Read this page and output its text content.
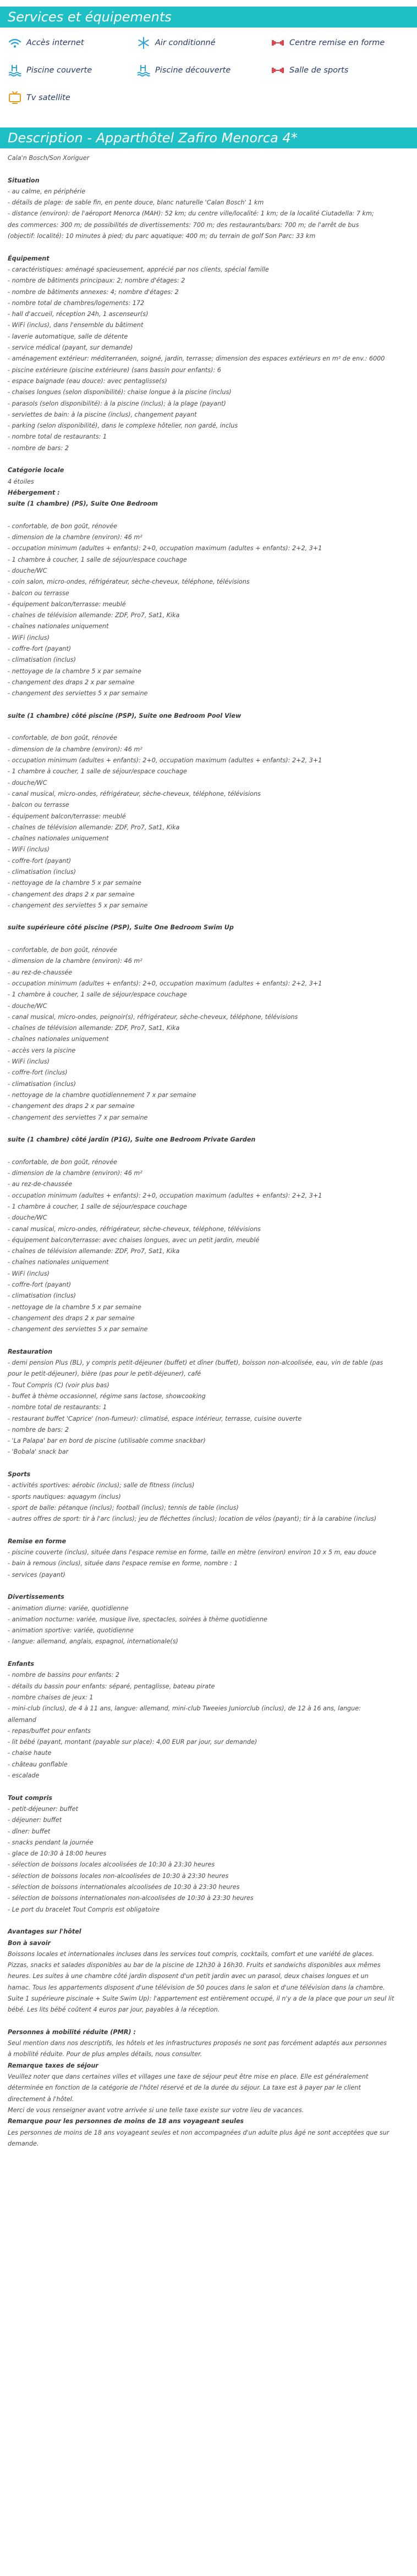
Services et équipements
Accès internet	Air conditionné	Centre remise en forme
Piscine couverte	Piscine découverte	Salle de sports
Tv satellite
Description - Apparthôtel Zafiro Menorca 4*

Cala'n Bosch/Son Xoriguer

Situation

- au calme, en périphérie

- détails de plage: de sable fin, en pente douce, blanc naturelle 'Calan Bosch' 1 km

- distance (environ): de l'aéroport Menorca (MAH): 52 km; du centre ville/localité: 1 km; de la localité Ciutadella: 7 km;

des commerces: 300 m; de possibilités de divertissements: 700 m; des restaurants/bars: 700 m; de l'arrêt de bus

(objectif: localité): 10 minutes à pied; du parc aquatique: 400 m; du terrain de golf Son Parc: 33 km

Équipement

- caractéristiques: aménagé spacieusement, apprécié par nos clients, spécial famille

- nombre de bâtiments principaux: 2; nombre d'étages: 2

- nombre de bâtiments annexes: 4; nombre d'étages: 2

- nombre total de chambres/logements: 172

- hall d'accueil, réception 24h, 1 ascenseur(s)

- WiFi (inclus), dans l'ensemble du bâtiment

- laverie automatique, salle de détente

- service médical (payant, sur demande)

- aménagement extérieur: méditerranéen, soigné, jardin, terrasse; dimension des espaces extérieurs en m² de env.: 6000

- piscine extérieure (piscine extérieure) (sans bassin pour enfants): 6

- espace baignade (eau douce): avec pentaglisse(s)

- chaises longues (selon disponibilité): chaise longue à la piscine (inclus)

- parasols (selon disponibilité): à la piscine (inclus); à la plage (payant)

- serviettes de bain: à la piscine (inclus), changement payant

- parking (selon disponibilité), dans le complexe hôtelier, non gardé, inclus

- nombre total de restaurants: 1

- nombre de bars: 2

Catégorie locale

4 étoiles

Hébergement :

suite (1 chambre) (PS), Suite One Bedroom

- confortable, de bon goût, rénovée

- dimension de la chambre (environ): 46 m²

- occupation minimum (adultes + enfants): 2+0, occupation maximum (adultes + enfants): 2+2, 3+1

- 1 chambre à coucher, 1 salle de séjour/espace couchage

- douche/WC

- coin salon, micro-ondes, réfrigérateur, sèche-cheveux, téléphone, télévisions

- balcon ou terrasse

- équipement balcon/terrasse: meublé

- chaînes de télévision allemande: ZDF, Pro7, Sat1, Kika

- chaînes nationales uniquement

- WiFi (inclus)

- coffre-fort (payant)

- climatisation (inclus)

- nettoyage de la chambre 5 x par semaine

- changement des draps 2 x par semaine

- changement des serviettes 5 x par semaine

suite (1 chambre) côté piscine (PSP), Suite one Bedroom Pool View

- confortable, de bon goût, rénovée

- dimension de la chambre (environ): 46 m²

- occupation minimum (adultes + enfants): 2+0, occupation maximum (adultes + enfants): 2+2, 3+1

- 1 chambre à coucher, 1 salle de séjour/espace couchage

- douche/WC

- canal musical, micro-ondes, réfrigérateur, sèche-cheveux, téléphone, télévisions

- balcon ou terrasse

- équipement balcon/terrasse: meublé

- chaînes de télévision allemande: ZDF, Pro7, Sat1, Kika

- chaînes nationales uniquement

- WiFi (inclus)

- coffre-fort (payant)

- climatisation (inclus)

- nettoyage de la chambre 5 x par semaine

- changement des draps 2 x par semaine

- changement des serviettes 5 x par semaine

suite supérieure côté piscine (PSP), Suite One Bedroom Swim Up

- confortable, de bon goût, rénovée

- dimension de la chambre (environ): 46 m²

- au rez-de-chaussée

- occupation minimum (adultes + enfants): 2+0, occupation maximum (adultes + enfants): 2+2, 3+1

- 1 chambre à coucher, 1 salle de séjour/espace couchage

- douche/WC

- canal musical, micro-ondes, peignoir(s), réfrigérateur, sèche-cheveux, téléphone, télévisions

- chaînes de télévision allemande: ZDF, Pro7, Sat1, Kika

- chaînes nationales uniquement

- accès vers la piscine

- WiFi (inclus)

- coffre-fort (inclus)

- climatisation (inclus)

- nettoyage de la chambre quotidiennement 7 x par semaine

- changement des draps 2 x par semaine

- changement des serviettes 7 x par semaine

suite (1 chambre) côté jardin (P1G), Suite one Bedroom Private Garden

- confortable, de bon goût, rénovée

- dimension de la chambre (environ): 46 m²

- au rez-de-chaussée

- occupation minimum (adultes + enfants): 2+0, occupation maximum (adultes + enfants): 2+2, 3+1

- 1 chambre à coucher, 1 salle de séjour/espace couchage

- douche/WC

- canal musical, micro-ondes, réfrigérateur, sèche-cheveux, téléphone, télévisions

- équipement balcon/terrasse: avec chaises longues, avec un petit jardin, meublé

- chaînes de télévision allemande: ZDF, Pro7, Sat1, Kika

- chaînes nationales uniquement

- WiFi (inclus)

- coffre-fort (payant)

- climatisation (inclus)

- nettoyage de la chambre 5 x par semaine

- changement des draps 2 x par semaine

- changement des serviettes 5 x par semaine

Restauration

- demi pension Plus (BL), y compris petit-déjeuner (buffet) et dîner (buffet), boisson non-alcoolisée, eau, vin de table (pas

pour le petit-déjeuner), bière (pas pour le petit-déjeuner), café

- Tout Compris (C) (voir plus bas)

- buffet à thème occasionnel, régime sans lactose, showcooking

- nombre total de restaurants: 1

- restaurant buffet 'Caprice' (non-fumeur): climatisé, espace intérieur, terrasse, cuisine ouverte

- nombre de bars: 2

- 'La Palapa' bar en bord de piscine (utilisable comme snackbar)

- 'Bobala' snack bar

Sports

- activités sportives: aérobic (inclus); salle de fitness (inclus)

- sports nautiques: aquagym (inclus)

- sport de balle: pétanque (inclus); football (inclus); tennis de table (inclus)

- autres offres de sport: tir à l'arc (inclus); jeu de fléchettes (inclus); location de vélos (payant); tir à la carabine (inclus)

Remise en forme

- piscine couverte (inclus), située dans l'espace remise en forme, taille en mètre (environ) environ 10 x 5 m, eau douce

- bain à remous (inclus), située dans l'espace remise en forme, nombre : 1

- services (payant)

Divertissements

- animation diurne: variée, quotidienne

- animation nocturne: variée, musique live, spectacles, soirées à thème quotidienne

- animation sportive: variée, quotidienne

- langue: allemand, anglais, espagnol, internationale(s)

Enfants

- nombre de bassins pour enfants: 2

- détails du bassin pour enfants: séparé, pentaglisse, bateau pirate

- nombre chaises de jeux: 1

- mini-club (inclus), de 4 à 11 ans, langue: allemand, mini-club Tweeies Juniorclub (inclus), de 12 à 16 ans, langue:

allemand

- repas/buffet pour enfants

- lit bébé (payant, montant (payable sur place): 4,00 EUR par jour, sur demande)

- chaise haute

- château gonflable

- escalade

Tout compris

- petit-déjeuner: buffet

- déjeuner: buffet

- dîner: buffet

- snacks pendant la journée

- glace de 10:30 à 18:00 heures

- sélection de boissons locales alcoolisées de 10:30 à 23:30 heures

- sélection de boissons locales non-alcoolisées de 10:30 à 23:30 heures

- sélection de boissons internationales alcoolisées de 10:30 à 23:30 heures

- sélection de boissons internationales non-alcoolisées de 10:30 à 23:30 heures

- Le port du bracelet Tout Compris est obligatoire

Avantages sur l'hôtel

Bon à savoir

Boissons locales et internationales incluses dans les services tout compris, cocktails, comfort et une variété de glaces.

Pizzas, snacks et salades disponibles au bar de la piscine de 12h30 à 16h30. Fruits et sandwichs disponibles aux mêmes

heures. Les suites à une chambre côté jardin disposent d'un petit jardin avec un parasol, deux chaises longues et un

hamac. Tous les appartements disposent d'une télévision de 50 pouces dans le salon et d'une télévision dans la chambre.

Suite 1 supérieure piscinale + Suite Swim Up): l'appartement est entièrement occupé, il n'y a de la place que pour un seul lit

bébé. Les lits bébé coûtent 4 euros par jour, payables à la réception.

Personnes à mobilité réduite (PMR) :

Seul mention dans nos descriptifs, les hôtels et les infrastructures proposés ne sont pas forcément adaptés aux personnes

à mobilité réduite. Pour de plus amples détails, nous consulter.

Remarque taxes de séjour

Veuillez noter que dans certaines villes et villages une taxe de séjour peut être mise en place. Elle est généralement

déterminée en fonction de la catégorie de l'hôtel réservé et de la durée du séjour. La taxe est à payer par le client

directement à l'hôtel.

Merci de vous renseigner avant votre arrivée si une telle taxe existe sur votre lieu de vacances.

Remarque pour les personnes de moins de 18 ans voyageant seules

Les personnes de moins de 18 ans voyageant seules et non accompagnées d'un adulte plus âgé ne sont acceptées que sur

demande.
